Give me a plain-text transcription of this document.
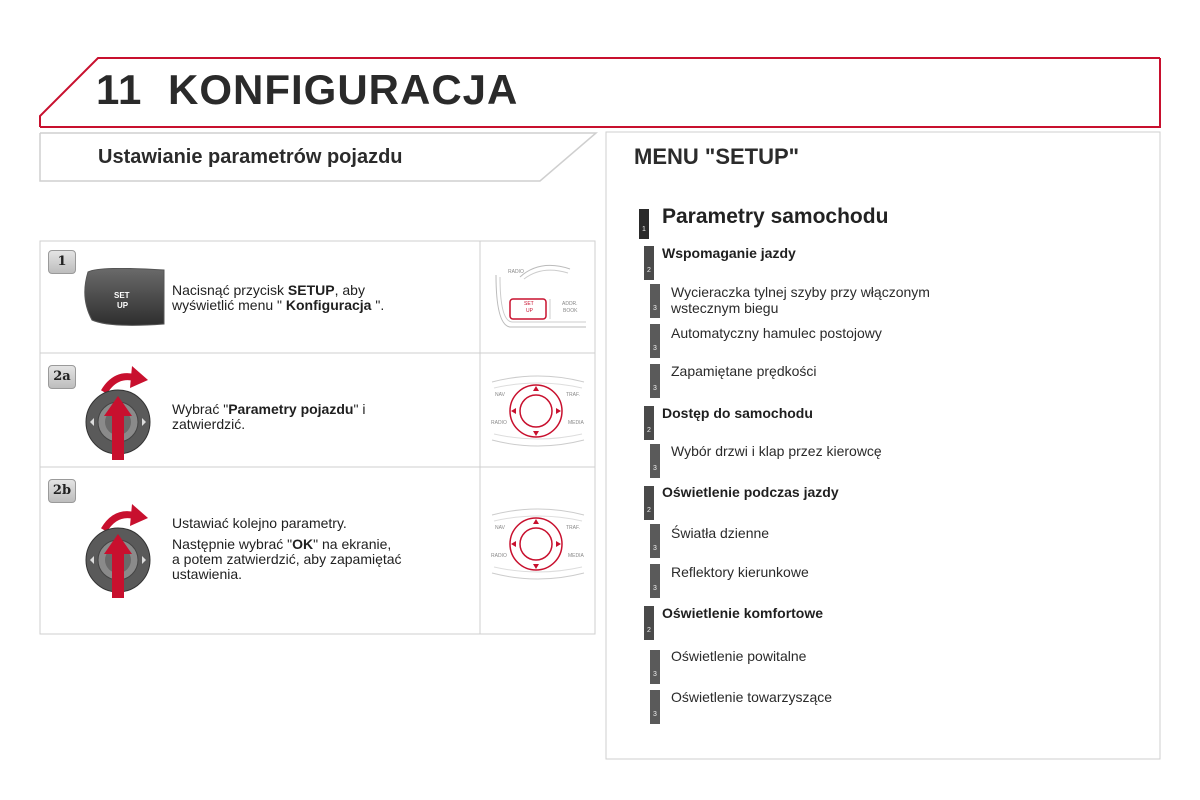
11 KONFIGURACJA
Ustawianie parametrów pojazdu
1
SET
UP

Nacisnąć przycisk SETUP, aby

wyświetlić menu " Konfiguracja ".

RADIO
SET
UP
ADDR.
BOOK
2a

Wybrać "Parametry pojazdu" i

zatwierdzić.

NAV	TRAF.
RADIO	MEDIA
2b

Ustawiać kolejno parametry.

Następnie wybrać "OK" na ekranie,

a potem zatwierdzić, aby zapamiętać

ustawienia.

NAV	TRAF.
RADIO	MEDIA
MENU "SETUP"
1
Parametry samochodu
2
Wspomaganie jazdy
3
Wycieraczka tylnej szyby przy włączonym
wstecznym biegu
3
Automatyczny hamulec postojowy
3
Zapamiętane prędkości
2
Dostęp do samochodu
3
Wybór drzwi i klap przez kierowcę
2
Oświetlenie podczas jazdy
3
Światła dzienne
3
Reflektory kierunkowe
2
Oświetlenie komfortowe
3
Oświetlenie powitalne
3
Oświetlenie towarzyszące
